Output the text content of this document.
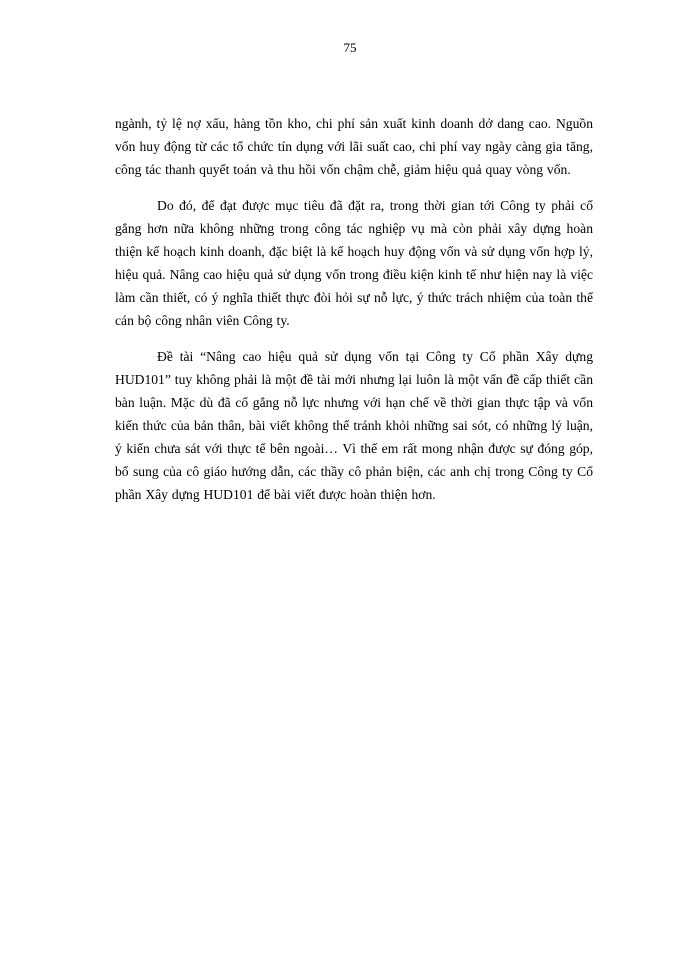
75

ngành, tỷ lệ nợ xấu, hàng tồn kho, chi phí sản xuất kinh doanh dở dang cao. Nguồn vốn huy động từ các tổ chức tín dụng với lãi suất cao, chi phí vay ngày càng gia tăng, công tác thanh quyết toán và thu hồi vốn chậm chễ, giảm hiệu quả quay vòng vốn.

Do đó, để đạt được mục tiêu đã đặt ra, trong thời gian tới Công ty phải cố gắng hơn nữa không những trong công tác nghiệp vụ mà còn phải xây dựng hoàn thiện kế hoạch kinh doanh, đặc biệt là kế hoạch huy động vốn và sử dụng vốn hợp lý, hiệu quả. Nâng cao hiệu quả sử dụng vốn trong điều kiện kinh tế như hiện nay là việc làm cần thiết, có ý nghĩa thiết thực đòi hỏi sự nỗ lực, ý thức trách nhiệm của toàn thể cán bộ công nhân viên Công ty.

Đề tài “Nâng cao hiệu quả sử dụng vốn tại Công ty Cổ phần Xây dựng HUD101” tuy không phải là một đề tài mới nhưng lại luôn là một vấn đề cấp thiết cần bàn luận. Mặc dù đã cố gắng nỗ lực nhưng với hạn chế về thời gian thực tập và vốn kiến thức của bản thân, bài viết không thể tránh khỏi những sai sót, có những lý luận, ý kiến chưa sát với thực tế bên ngoài… Vì thế em rất mong nhận được sự đóng góp, bổ sung của cô giáo hướng dẫn, các thầy cô phản biện, các anh chị trong Công ty Cổ phần Xây dựng HUD101 để bài viết được hoàn thiện hơn.
